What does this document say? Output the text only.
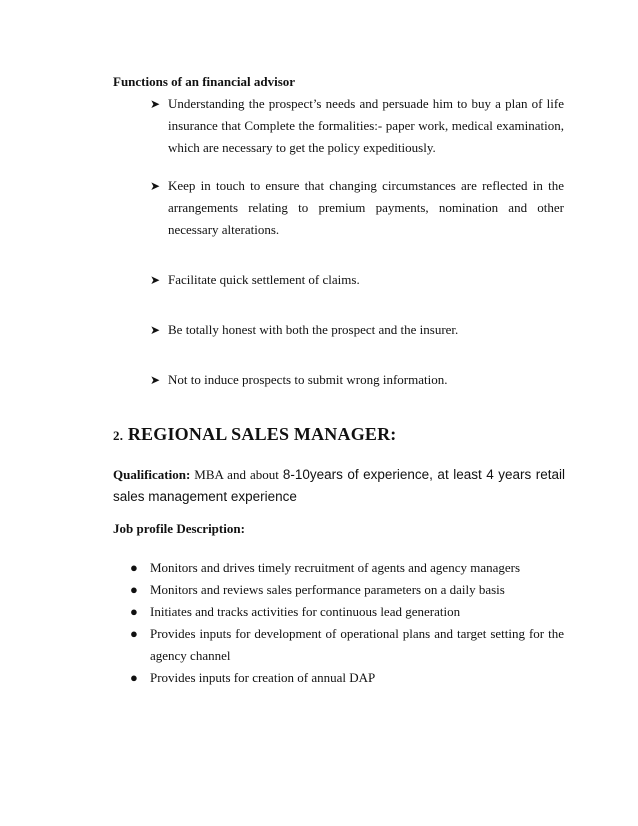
Functions of an financial advisor
➤ Understanding the prospect’s needs and persuade him to buy a plan of life insurance that Complete the formalities:- paper work, medical examination, which are necessary to get the policy expeditiously.
➤ Keep in touch to ensure that changing circumstances are reflected in the arrangements relating to premium payments, nomination and other necessary alterations.
➤ Facilitate quick settlement of claims.
➤ Be totally honest with both the prospect and the insurer.
➤ Not to induce prospects to submit wrong information.
2. REGIONAL SALES MANAGER:
Qualification: MBA and about 8-10years of experience, at least 4 years retail sales management experience
Job profile Description:
● Monitors and drives timely recruitment of agents and agency managers
● Monitors and reviews sales performance parameters on a daily basis
● Initiates and tracks activities for continuous lead generation
● Provides inputs for development of operational plans and target setting for the agency channel
● Provides inputs for creation of annual DAP
